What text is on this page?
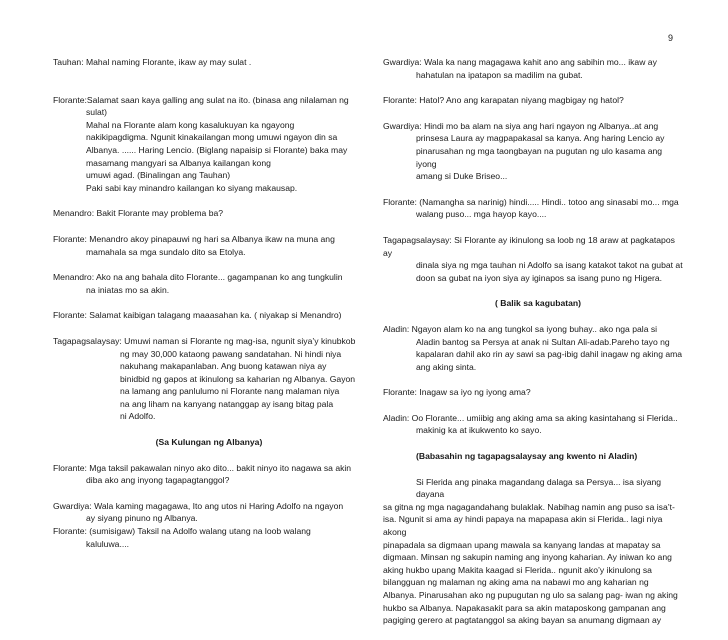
9
Tauhan: Mahal naming Florante, ikaw ay may sulat .
Florante:Salamat saan kaya galling ang sulat na ito. (binasa ang nilalaman ng
sulat)
Mahal na Florante alam kong kasalukuyan ka ngayong
nakikipagdigma. Ngunit kinakailangan mong umuwi ngayon din sa
Albanya. ...... Haring Lencio. (Biglang napaisip si Florante) baka may
masamang mangyari sa Albanya kailangan kong
umuwi agad. (Binalingan ang Tauhan)
Paki sabi kay minandro kailangan ko siyang makausap.
Menandro: Bakit Florante may problema ba?
Florante: Menandro akoy pinapauwi ng hari sa Albanya ikaw na muna ang
mamahala sa mga sundalo dito sa Etolya.
Menandro: Ako na ang bahala dito Florante... gagampanan ko ang tungkulin
na iniatas mo sa akin.
Florante: Salamat kaibigan talagang maaasahan ka. ( niyakap si Menandro)
Tagapagsalaysay: Umuwi naman si Florante ng mag-isa, ngunit siya’y kinubkob
ng may 30,000 kataong pawang sandatahan. Ni hindi niya
nakuhang makapanlaban. Ang buong katawan niya ay
binidbid ng gapos at ikinulong sa kaharian ng Albanya. Gayon
na lamang ang panlulumo ni Florante nang malaman niya
na ang liham na kanyang natanggap ay isang bitag pala
ni Adolfo.
(Sa Kulungan ng Albanya)
Florante: Mga taksil pakawalan ninyo ako dito... bakit ninyo ito nagawa sa akin
diba ako ang inyong tagapagtanggol?
Gwardiya: Wala kaming magagawa, Ito ang utos ni Haring Adolfo na ngayon
ay siyang pinuno ng Albanya.
Florante: (sumisigaw) Taksil na Adolfo walang utang na loob walang
kaluluwa....
Gwardiya: Wala ka nang magagawa kahit ano ang sabihin mo... ikaw ay
hahatulan na ipatapon sa madilim na gubat.
Florante: Hatol? Ano ang karapatan niyang magbigay ng hatol?
Gwardiya: Hindi mo ba alam na siya ang hari ngayon ng Albanya..at ang
prinsesa Laura ay magpapakasal sa kanya. Ang haring Lencio ay
pinarusahan ng mga taongbayan na pugutan ng ulo kasama ang iyong
amang si Duke Briseo...
Florante: (Namangha sa narinig) hindi..... Hindi.. totoo ang sinasabi mo... mga
walang puso... mga hayop kayo....
Tagapagsalaysay: Si Florante ay ikinulong sa loob ng 18 araw at pagkatapos ay
dinala siya ng mga tauhan ni Adolfo sa isang katakot takot na gubat at
doon sa gubat na iyon siya ay iginapos sa isang puno ng Higera.
( Balik sa kagubatan)
Aladin: Ngayon alam ko na ang tungkol sa iyong buhay.. ako nga pala si
Aladin bantog sa Persya at anak ni Sultan Ali-adab.Pareho tayo ng
kapalaran dahil ako rin ay sawi sa pag-ibig dahil inagaw ng aking ama
ang aking sinta.
Florante: Inagaw sa iyo ng iyong ama?
Aladin: Oo Florante... umiibig ang aking ama sa aking kasintahang si Flerida..
makinig ka at ikukwento ko sayo.
(Babasahin ng tagapagsalaysay ang kwento ni Aladin)
Si Flerida ang pinaka magandang dalaga sa Persya... isa siyang dayana
sa gitna ng mga nagagandahang bulaklak. Nabihag namin ang puso sa isa’t-
isa. Ngunit si ama ay hindi papaya na mapapasa akin si Flerida.. lagi niya akong
pinapadala sa digmaan upang mawala sa kanyang landas at mapatay sa
digmaan. Minsan ng sakupin naming ang inyong kaharian. Ay iniwan ko ang
aking hukbo upang Makita kaagad si Flerida.. ngunit ako’y ikinulong sa
bilangguan ng malaman ng aking ama na nabawi mo ang kaharian ng
Albanya. Pinarusahan ako ng pupugutan ng ulo sa salang pag- iwan ng aking
hukbo sa Albanya. Napakasakit para sa akin mataposkong gampanan ang
pagiging gerero at pagtatanggol sa aking bayan sa anumang digmaan ay
